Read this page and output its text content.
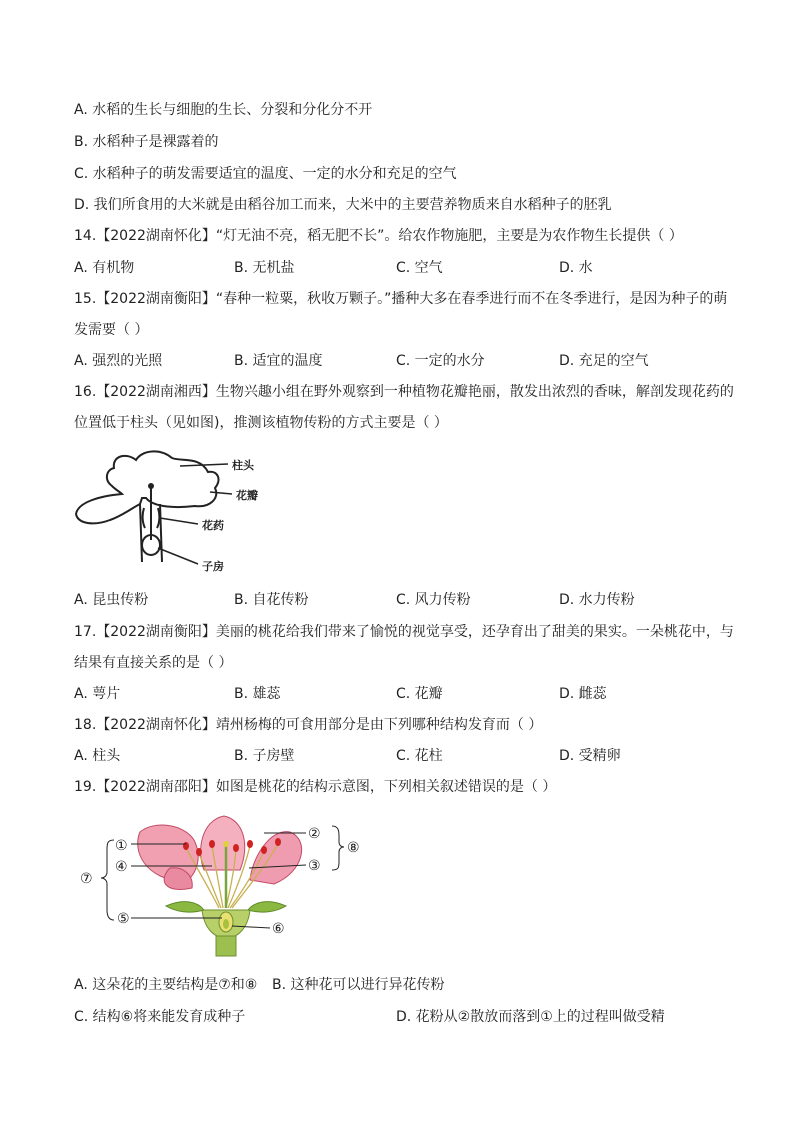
A. 水稻的生长与细胞的生长、分裂和分化分不开
B. 水稻种子是裸露着的
C. 水稻种子的萌发需要适宜的温度、一定的水分和充足的空气
D. 我们所食用的大米就是由稻谷加工而来，大米中的主要营养物质来自水稻种子的胚乳
14.【2022湖南怀化】“灯无油不亮，稻无肥不长”。给农作物施肥，主要是为农作物生长提供（ ）
A. 有机物	B. 无机盐	C. 空气	D. 水
15.【2022湖南衡阳】“春种一粒粟，秋收万颗子。”播种大多在春季进行而不在冬季进行，是因为种子的萌
发需要（ ）
A. 强烈的光照	B. 适宜的温度	C. 一定的水分	D. 充足的空气
16.【2022湖南湘西】生物兴趣小组在野外观察到一种植物花瓣艳丽，散发出浓烈的香味，解剖发现花药的
位置低于柱头（见如图)，推测该植物传粉的方式主要是（ ）
柱头
花瓣
花药
子房
A. 昆虫传粉	B. 自花传粉	C. 风力传粉	D. 水力传粉
17.【2022湖南衡阳】美丽的桃花给我们带来了愉悦的视觉享受，还孕育出了甜美的果实。一朵桃花中，与
结果有直接关系的是（ ）
A. 萼片	B. 雄蕊	C. 花瓣	D. 雌蕊
18.【2022湖南怀化】靖州杨梅的可食用部分是由下列哪种结构发育而（ ）
A. 柱头	B. 子房壁	C. 花柱	D. 受精卵
19.【2022湖南邵阳】如图是桃花的结构示意图，下列相关叙述错误的是（ ）
①
④
⑤
⑦
②
③
⑧
⑥
A. 这朵花的主要结构是⑦和⑧ B. 这种花可以进行异花传粉
C. 结构⑥将来能发育成种子	D. 花粉从②散放而落到①上的过程叫做受精
